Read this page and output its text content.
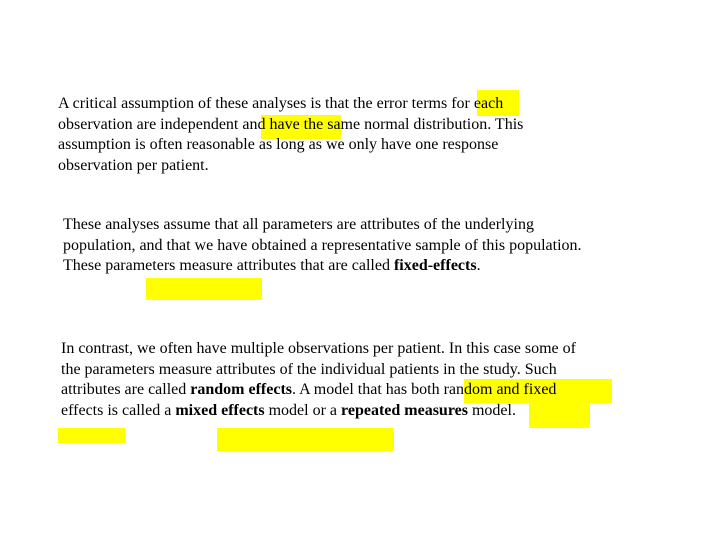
A critical assumption of these analyses is that the error terms for each
observation are independent and have the same normal distribution. This
assumption is often reasonable as long as we only have one response
observation per patient.
These analyses assume that all parameters are attributes of the underlying
population, and that we have obtained a representative sample of this population.
These parameters measure attributes that are called fixed-effects.
In contrast, we often have multiple observations per patient. In this case some of
the parameters measure attributes of the individual patients in the study. Such
attributes are called random effects. A model that has both random and fixed
effects is called a mixed effects model or a repeated measures model.
